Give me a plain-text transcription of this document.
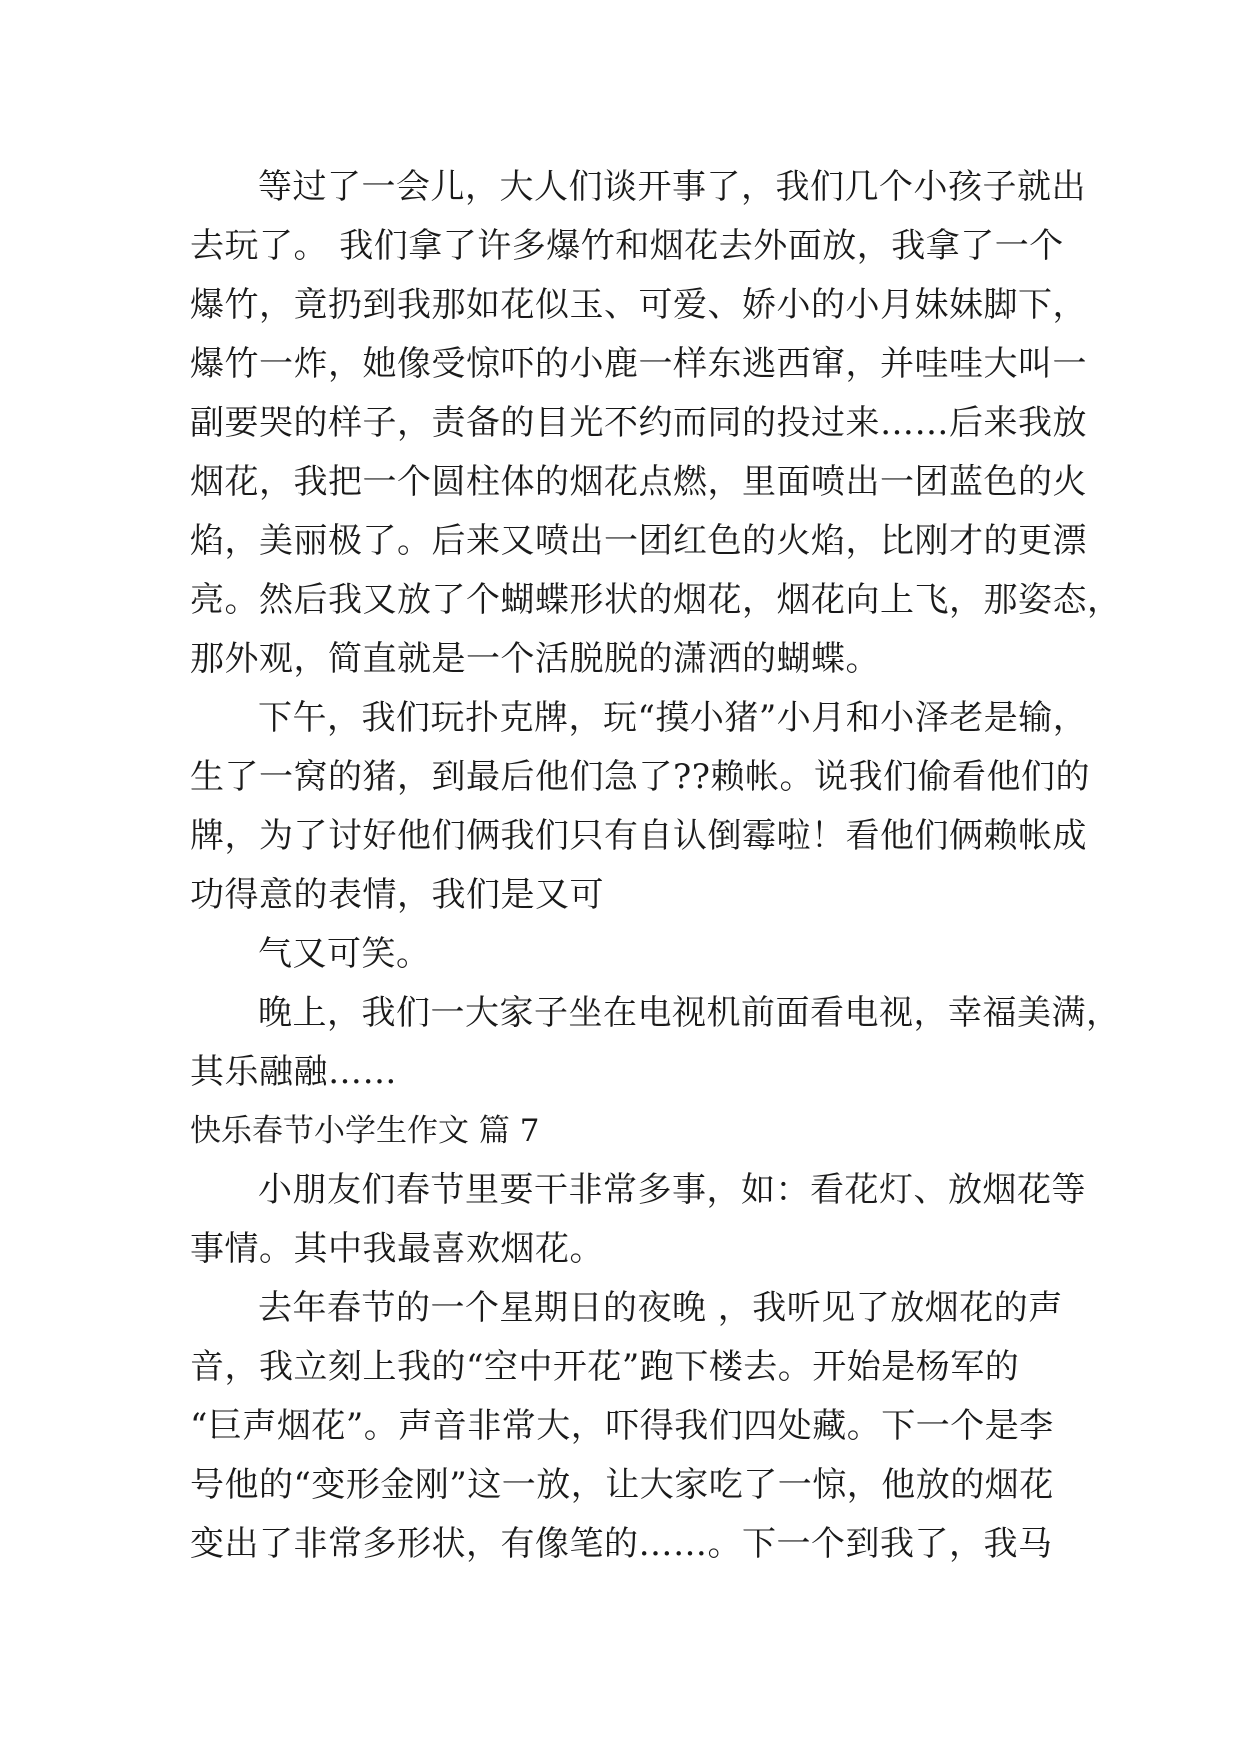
等过了一会儿，大人们谈开事了，我们几个小孩子就出
去玩了。 我们拿了许多爆竹和烟花去外面放，我拿了一个
爆竹，竟扔到我那如花似玉、可爱、娇小的小月妹妹脚下，
爆竹一炸，她像受惊吓的小鹿一样东逃西窜，并哇哇大叫一
副要哭的样子，责备的目光不约而同的投过来……后来我放
烟花，我把一个圆柱体的烟花点燃，里面喷出一团蓝色的火
焰，美丽极了。后来又喷出一团红色的火焰，比刚才的更漂
亮。然后我又放了个蝴蝶形状的烟花，烟花向上飞，那姿态，
那外观，简直就是一个活脱脱的潇洒的蝴蝶。
下午，我们玩扑克牌，玩“摸小猪”小月和小泽老是输，
生了一窝的猪，到最后他们急了??赖帐。说我们偷看他们的
牌，为了讨好他们俩我们只有自认倒霉啦！看他们俩赖帐成
功得意的表情，我们是又可
气又可笑。
晚上，我们一大家子坐在电视机前面看电视，幸福美满，
其乐融融……
快乐春节小学生作文 篇 7
小朋友们春节里要干非常多事，如：看花灯、放烟花等
事情。其中我最喜欢烟花。
去年春节的一个星期日的夜晚 ，我听见了放烟花的声
音，我立刻上我的“空中开花”跑下楼去。开始是杨军的
“巨声烟花”。声音非常大，吓得我们四处藏。下一个是李
号他的“变形金刚”这一放，让大家吃了一惊，他放的烟花
变出了非常多形状，有像笔的……。下一个到我了，我马
